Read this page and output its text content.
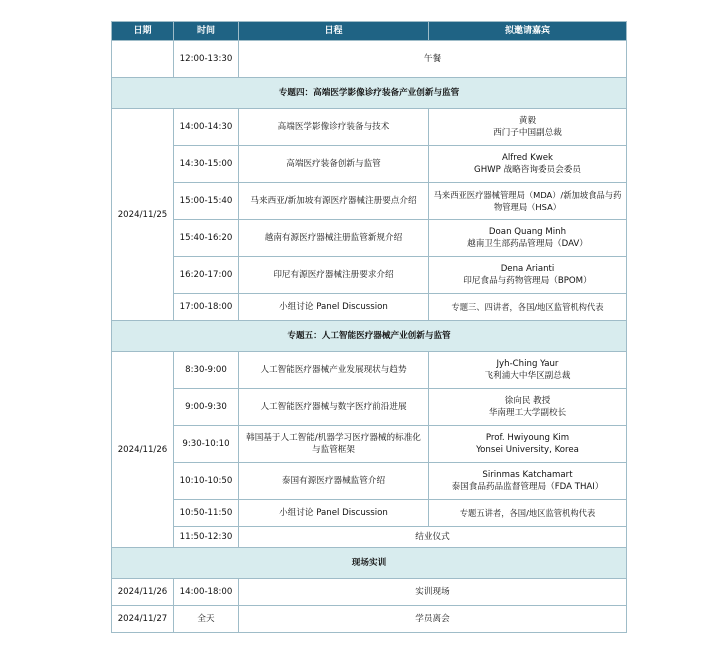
日期	时间	日程	拟邀请嘉宾
	12:00-13:30	午餐	
专题四：高端医学影像诊疗装备产业创新与监管			
2024/11/25	14:00-14:30	高端医学影像诊疗装备与技术	黄毅
西门子中国副总裁

	14:30-15:00	高端医疗装备创新与监管	Alfred Kwek
GHWP 战略咨询委员会委员

	15:00-15:40	马来西亚/新加坡有源医疗器械注册要点介绍	马来西亚医疗器械管理局（MDA）/新加坡食品与药物管理局（HSA）

	15:40-16:20	越南有源医疗器械注册监管新规介绍	Doan Quang Minh
越南卫生部药品管理局（DAV）

	16:20-17:00	印尼有源医疗器械注册要求介绍	Dena Arianti
印尼食品与药物管理局（BPOM）

	17:00-18:00	小组讨论 Panel Discussion	专题三、四讲者，各国/地区监管机构代表
专题五：人工智能医疗器械产业创新与监管			
2024/11/26	8:30-9:00	人工智能医疗器械产业发展现状与趋势	Jyh-Ching Yaur
飞利浦大中华区副总裁

	9:00-9:30	人工智能医疗器械与数字医疗前沿进展	徐向民 教授
华南理工大学副校长

	9:30-10:10	韩国基于人工智能/机器学习医疗器械的标准化与监管框架	Prof. Hwiyoung Kim
Yonsei University, Korea

	10:10-10:50	泰国有源医疗器械监管介绍	Sirinmas Katchamart
泰国食品药品监督管理局（FDA THAI）

	10:50-11:50	小组讨论 Panel Discussion	专题五讲者，各国/地区监管机构代表
	11:50-12:30	结业仪式	
现场实训			
2024/11/26	14:00-18:00	实训现场	
2024/11/27	全天	学员离会	
